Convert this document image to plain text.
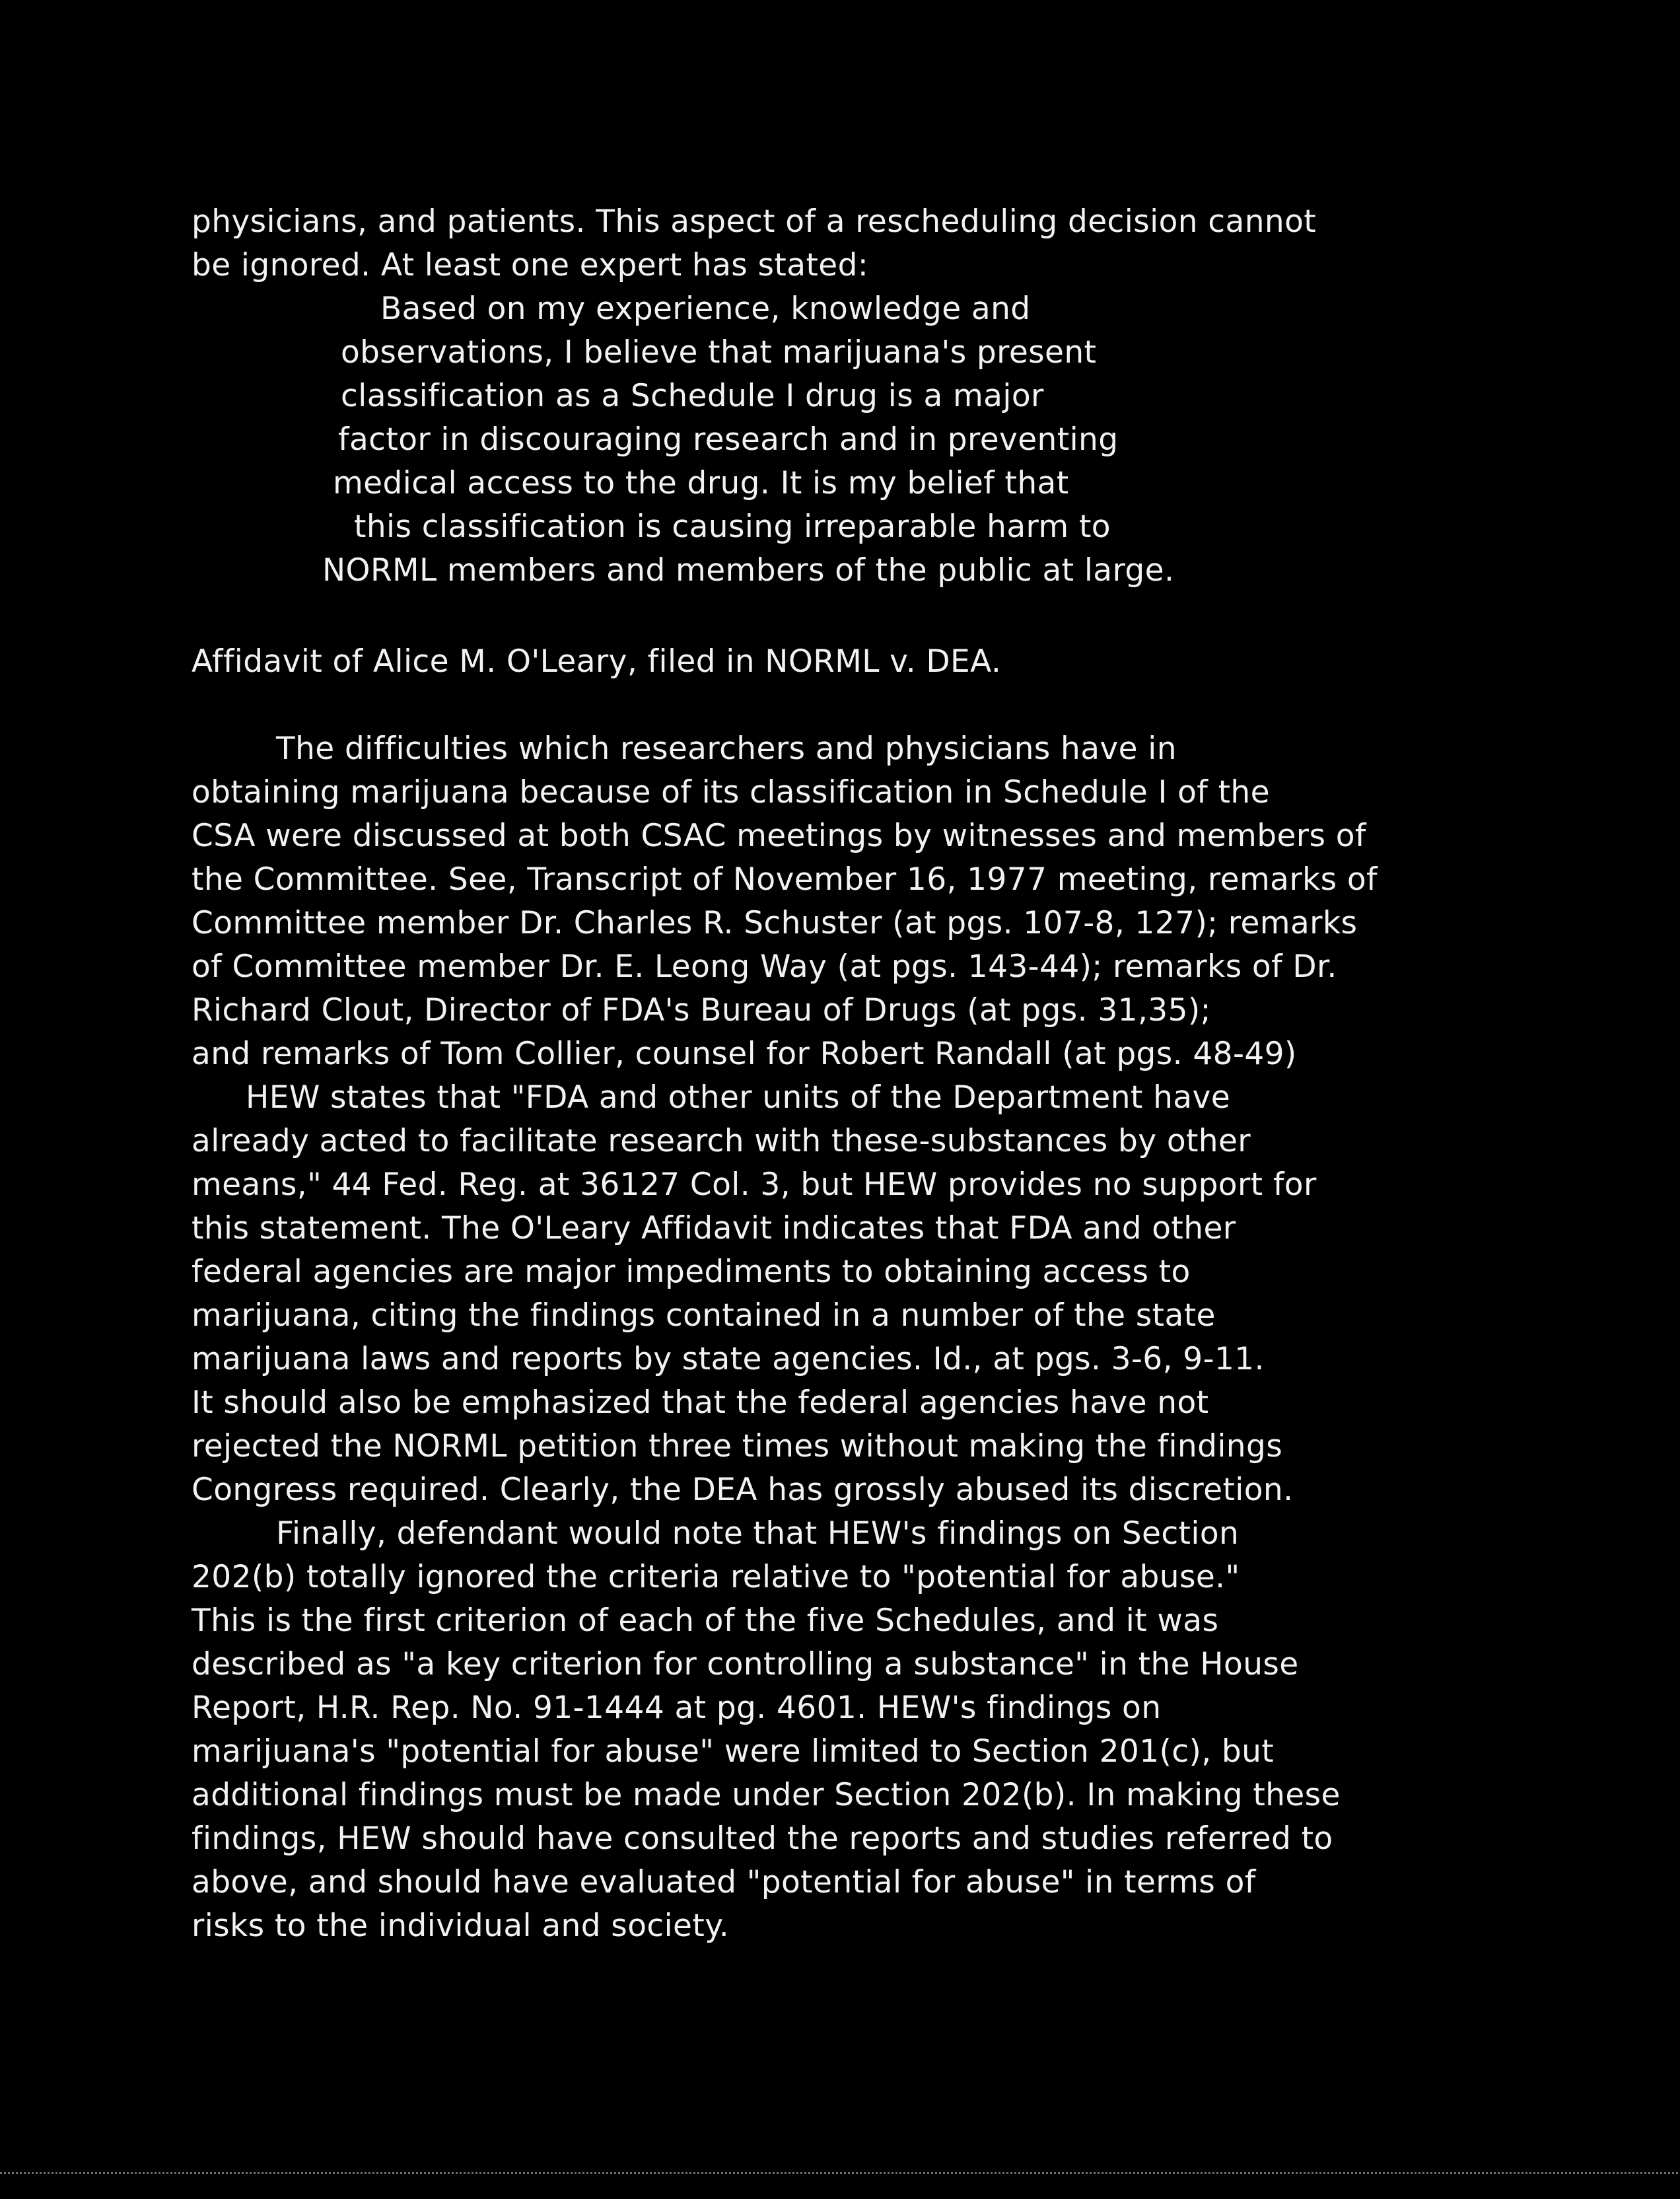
physicians, and patients. This aspect of a rescheduling decision cannot
be ignored. At least one expert has stated:
Based on my experience, knowledge and
observations, I believe that marijuana's present
classification as a Schedule I drug is a major
factor in discouraging research and in preventing
medical access to the drug. It is my belief that
this classification is causing irreparable harm to
NORML members and members of the public at large.
Affidavit of Alice M. O'Leary, filed in NORML v. DEA.
The difficulties which researchers and physicians have in
obtaining marijuana because of its classification in Schedule I of the
CSA were discussed at both CSAC meetings by witnesses and members of
the Committee. See, Transcript of November 16, 1977 meeting, remarks of
Committee member Dr. Charles R. Schuster (at pgs. 107-8, 127); remarks
of Committee member Dr. E. Leong Way (at pgs. 143-44); remarks of Dr.
Richard Clout, Director of FDA's Bureau of Drugs (at pgs. 31,35);
and remarks of Tom Collier, counsel for Robert Randall (at pgs. 48-49)
HEW states that "FDA and other units of the Department have
already acted to facilitate research with these-substances by other
means," 44 Fed. Reg. at 36127 Col. 3, but HEW provides no support for
this statement. The O'Leary Affidavit indicates that FDA and other
federal agencies are major impediments to obtaining access to
marijuana, citing the findings contained in a number of the state
marijuana laws and reports by state agencies. Id., at pgs. 3-6, 9-11.
It should also be emphasized that the federal agencies have not
rejected the NORML petition three times without making the findings
Congress required. Clearly, the DEA has grossly abused its discretion.
Finally, defendant would note that HEW's findings on Section
202(b) totally ignored the criteria relative to "potential for abuse."
This is the first criterion of each of the five Schedules, and it was
described as "a key criterion for controlling a substance" in the House
Report, H.R. Rep. No. 91-1444 at pg. 4601. HEW's findings on
marijuana's "potential for abuse" were limited to Section 201(c), but
additional findings must be made under Section 202(b). In making these
findings, HEW should have consulted the reports and studies referred to
above, and should have evaluated "potential for abuse" in terms of
risks to the individual and society.
